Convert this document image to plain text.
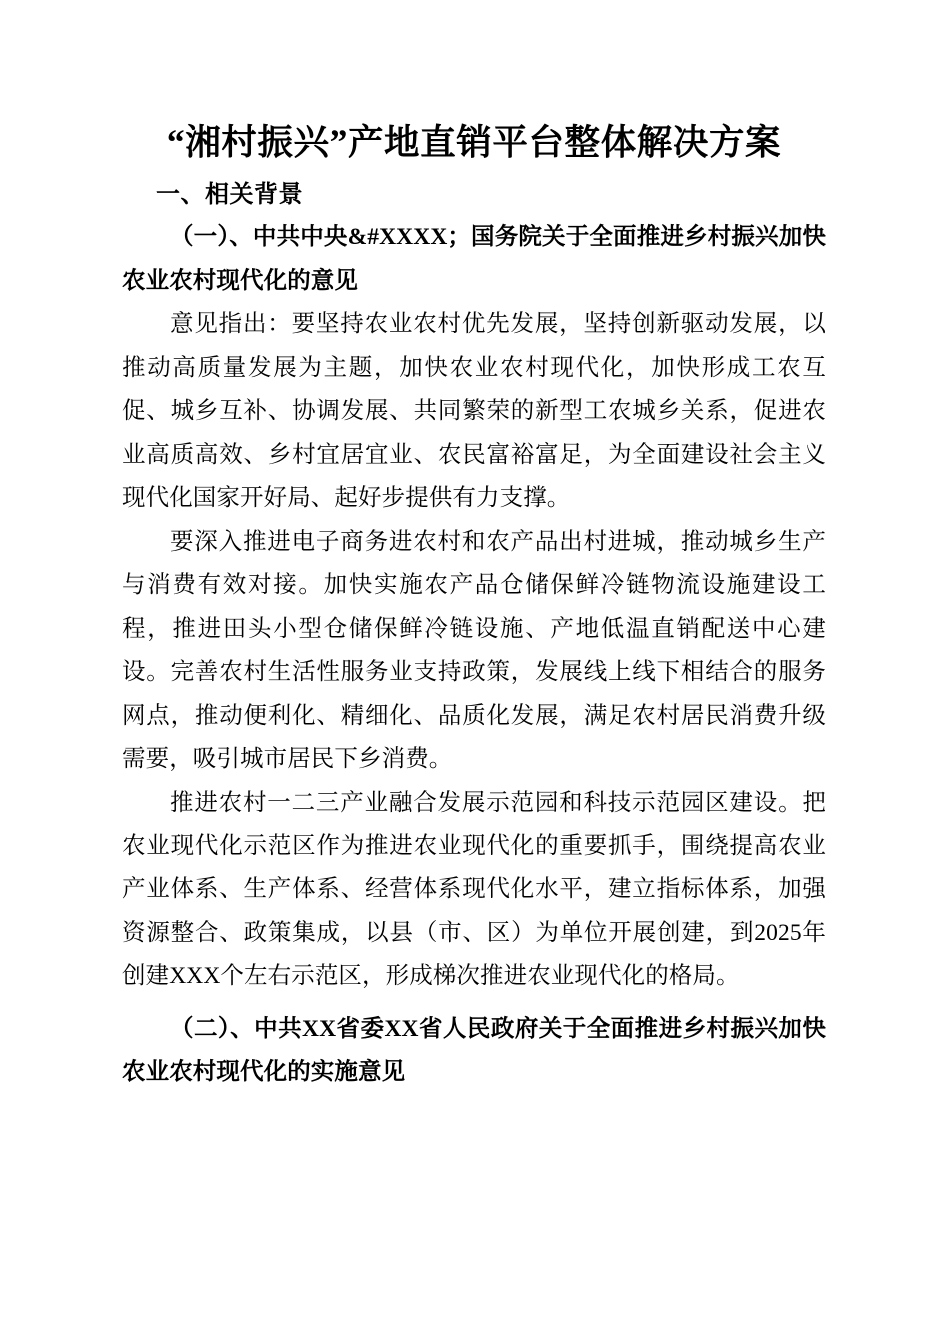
“湘村振兴”产地直销平台整体解决方案
一、相关背景
（一）、中共中央&#XXXX；国务院关于全面推进乡村振兴加快农业农村现代化的意见

意见指出：要坚持农业农村优先发展，坚持创新驱动发展，以推动高质量发展为主题，加快农业农村现代化，加快形成工农互促、城乡互补、协调发展、共同繁荣的新型工农城乡关系，促进农业高质高效、乡村宜居宜业、农民富裕富足，为全面建设社会主义现代化国家开好局、起好步提供有力支撑。

要深入推进电子商务进农村和农产品出村进城，推动城乡生产与消费有效对接。加快实施农产品仓储保鲜冷链物流设施建设工程，推进田头小型仓储保鲜冷链设施、产地低温直销配送中心建设。完善农村生活性服务业支持政策，发展线上线下相结合的服务网点，推动便利化、精细化、品质化发展，满足农村居民消费升级需要，吸引城市居民下乡消费。

推进农村一二三产业融合发展示范园和科技示范园区建设。把农业现代化示范区作为推进农业现代化的重要抓手，围绕提高农业产业体系、生产体系、经营体系现代化水平，建立指标体系，加强资源整合、政策集成，以县（市、区）为单位开展创建，到2025年创建XXX个左右示范区，形成梯次推进农业现代化的格局。

（二）、中共XX省委XX省人民政府关于全面推进乡村振兴加快农业农村现代化的实施意见
